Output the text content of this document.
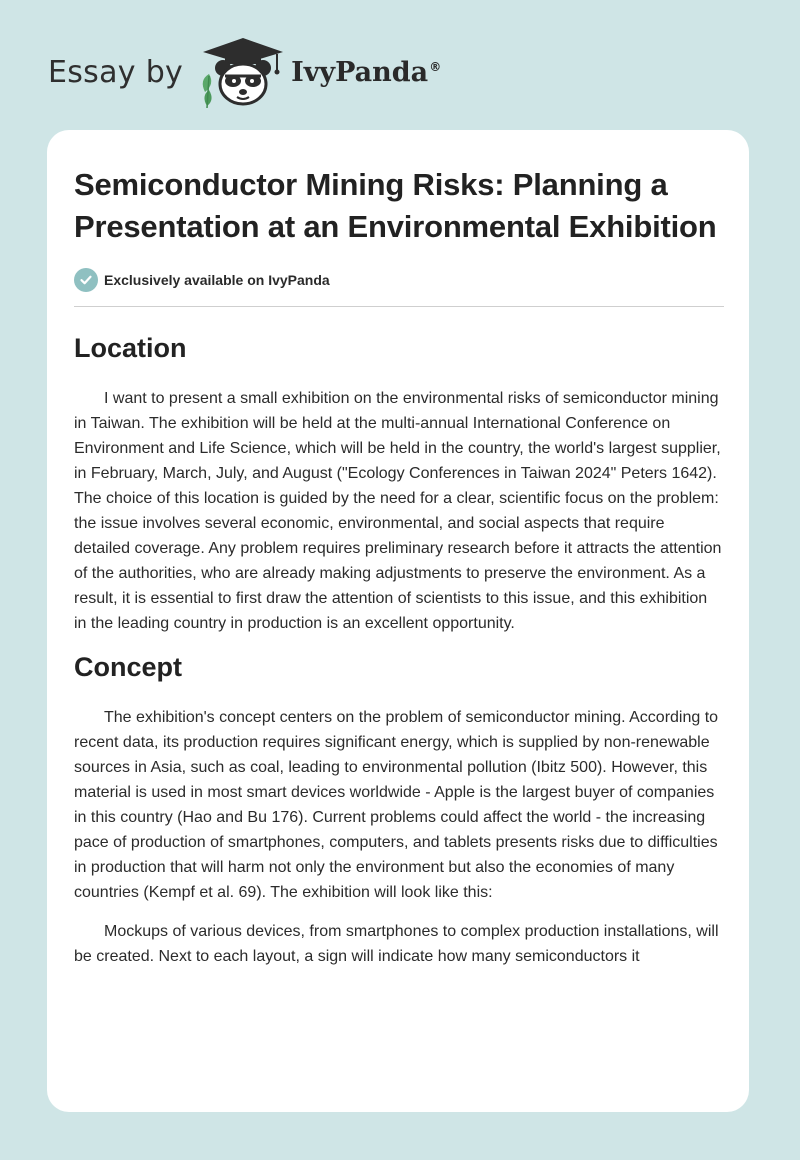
Essay by	IvyPanda®
Semiconductor Mining Risks: Planning a Presentation at an Environmental Exhibition
Exclusively available on IvyPanda
Location

I want to present a small exhibition on the environmental risks of semiconductor mining in Taiwan. The exhibition will be held at the multi-annual International Conference on Environment and Life Science, which will be held in the country, the world's largest supplier, in February, March, July, and August ("Ecology Conferences in Taiwan 2024" Peters 1642). The choice of this location is guided by the need for a clear, scientific focus on the problem: the issue involves several economic, environmental, and social aspects that require detailed coverage. Any problem requires preliminary research before it attracts the attention of the authorities, who are already making adjustments to preserve the environment. As a result, it is essential to first draw the attention of scientists to this issue, and this exhibition in the leading country in production is an excellent opportunity.

Concept

The exhibition's concept centers on the problem of semiconductor mining. According to recent data, its production requires significant energy, which is supplied by non-renewable sources in Asia, such as coal, leading to environmental pollution (Ibitz 500). However, this material is used in most smart devices worldwide - Apple is the largest buyer of companies in this country (Hao and Bu 176). Current problems could affect the world - the increasing pace of production of smartphones, computers, and tablets presents risks due to difficulties in production that will harm not only the environment but also the economies of many countries (Kempf et al. 69). The exhibition will look like this:

Mockups of various devices, from smartphones to complex production installations, will be created. Next to each layout, a sign will indicate how many semiconductors it
